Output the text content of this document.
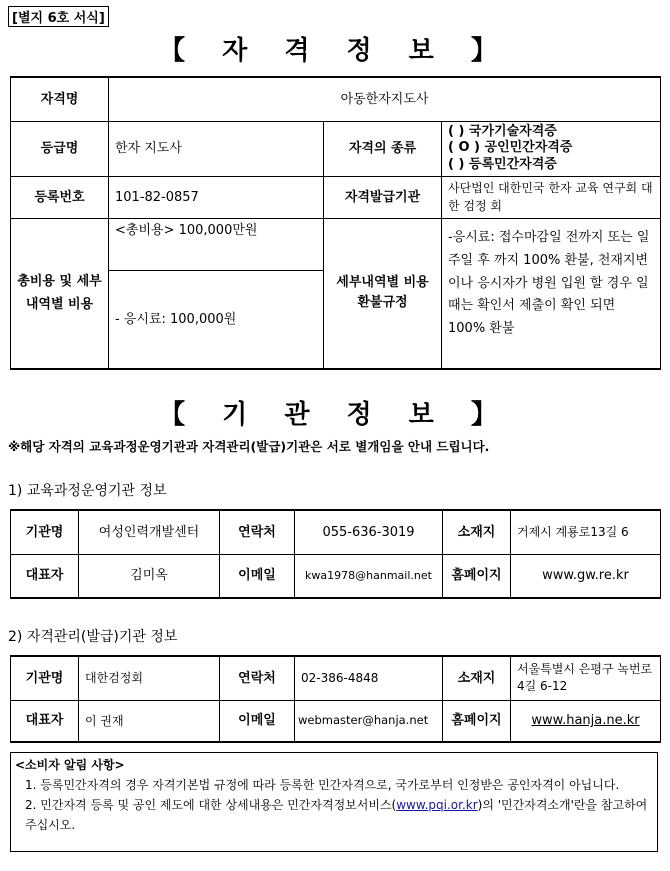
[별지 6호 서식]
【 자 격 정 보 】
자격명	아동한자지도사		
등급명	한자 지도사	자격의 종류	( ) 국가기술자격증
( O ) 공인민간자격증
( ) 등록민간자격증

등록번호	101-82-0857	자격발급기관	사단법인 대한민국 한자 교육 연구회 대한 검정 회
총비용 및 세부내역별 비용	<총비용> 100,000만원	세부내역별 비용 환불규정	-응시료: 접수마감일 전까지 또는 일주일 후 까지 100% 환불, 천재지변이나 응시자가 병원 입원 할 경우 일 때는 확인서 제출이 확인 되면 100% 환불
	- 응시료: 100,000원		
【 기 관 정 보 】
※해당 자격의 교육과정운영기관과 자격관리(발급)기관은 서로 별개임을 안내 드립니다.
1) 교육과정운영기관 정보
기관명	여성인력개발센터	연락처	055-636-3019	소재지	거제시 계룡로13길 6
대표자	김미옥	이메일	kwa1978@hanmail.net	홈페이지	www.gw.re.kr
2) 자격관리(발급)기관 정보
기관명	대한검정회	연락처	02-386-4848	소재지	서울특별시 은평구 녹번로 4길 6-12
대표자	이 권재	이메일	webmaster@hanja.net	홈페이지	www.hanja.ne.kr
<소비자 알림 사항>
1. 등록민간자격의 경우 자격기본법 규정에 따라 등록한 민간자격으로, 국가로부터 인정받은 공인자격이 아닙니다.
2. 민간자격 등록 및 공인 제도에 대한 상세내용은 민간자격정보서비스(www.pqi.or.kr)의 '민간자격소개'란을 참고하여 주십시오.
